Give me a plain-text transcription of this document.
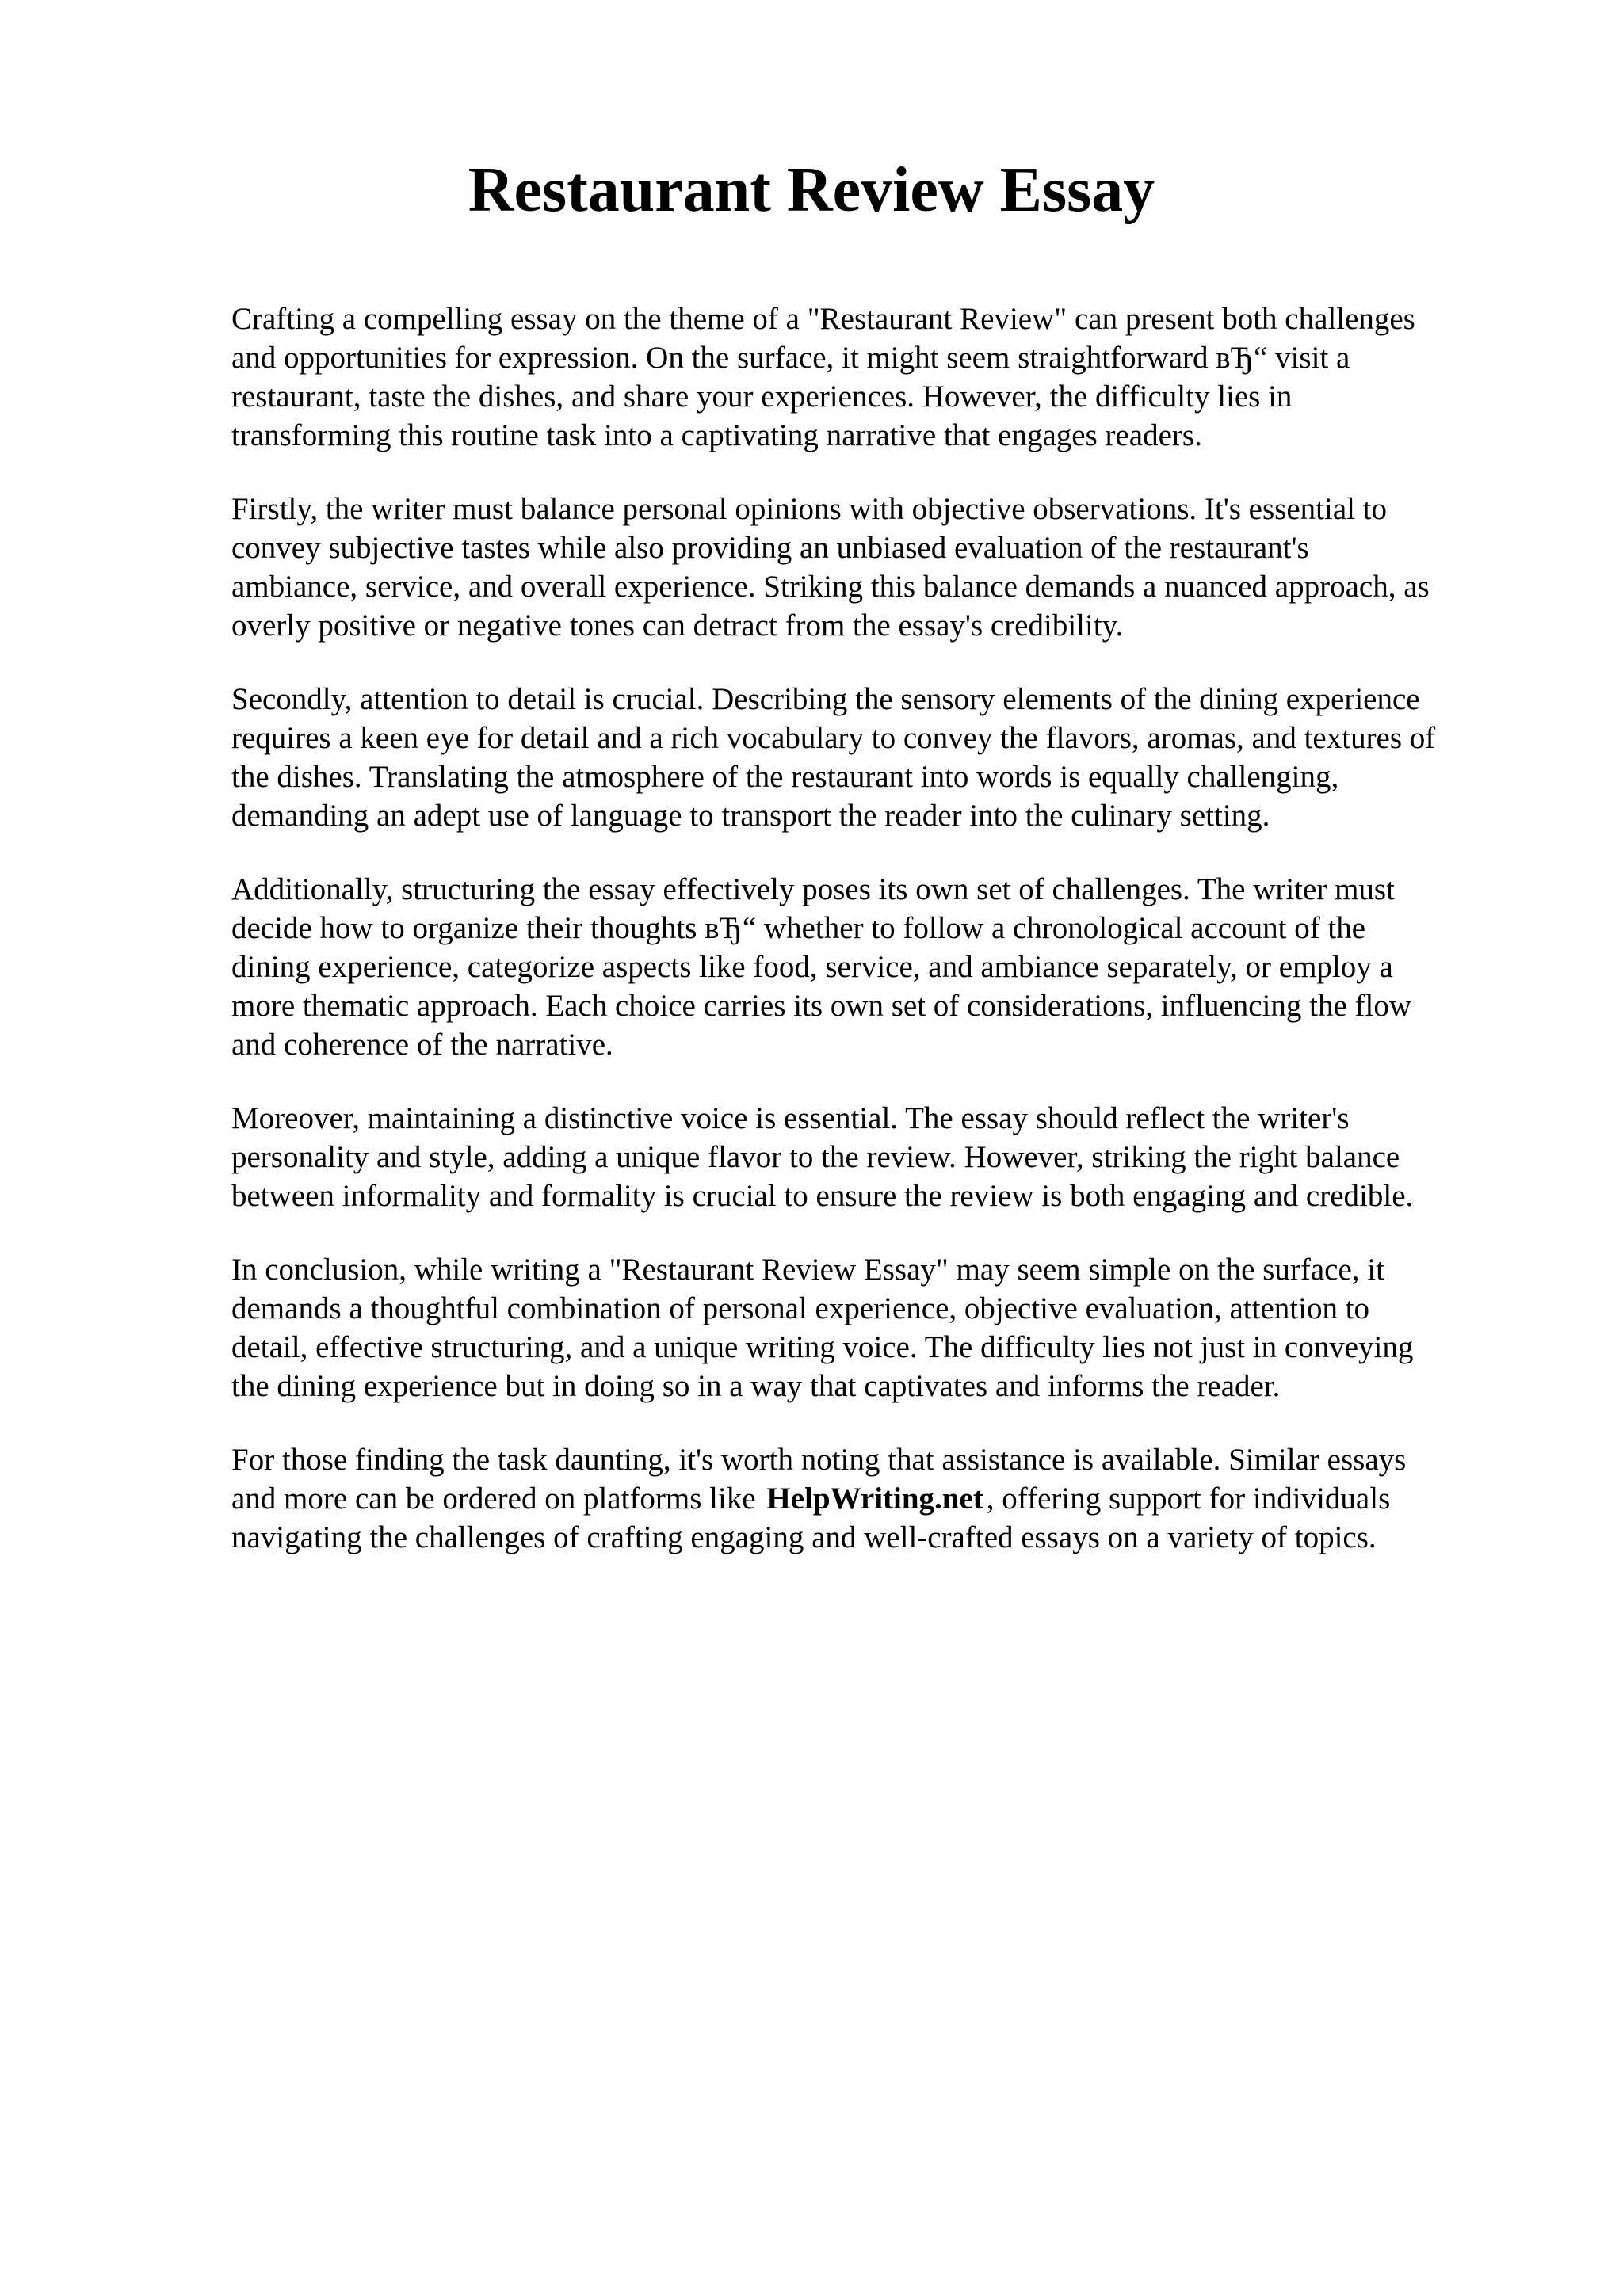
Restaurant Review Essay

Crafting a compelling essay on the theme of a "Restaurant Review" can present both challenges
and opportunities for expression. On the surface, it might seem straightforward вЂ“ visit a
restaurant, taste the dishes, and share your experiences. However, the difficulty lies in
transforming this routine task into a captivating narrative that engages readers.

Firstly, the writer must balance personal opinions with objective observations. It's essential to
convey subjective tastes while also providing an unbiased evaluation of the restaurant's
ambiance, service, and overall experience. Striking this balance demands a nuanced approach, as
overly positive or negative tones can detract from the essay's credibility.

Secondly, attention to detail is crucial. Describing the sensory elements of the dining experience
requires a keen eye for detail and a rich vocabulary to convey the flavors, aromas, and textures of
the dishes. Translating the atmosphere of the restaurant into words is equally challenging,
demanding an adept use of language to transport the reader into the culinary setting.

Additionally, structuring the essay effectively poses its own set of challenges. The writer must
decide how to organize their thoughts вЂ“ whether to follow a chronological account of the
dining experience, categorize aspects like food, service, and ambiance separately, or employ a
more thematic approach. Each choice carries its own set of considerations, influencing the flow
and coherence of the narrative.

Moreover, maintaining a distinctive voice is essential. The essay should reflect the writer's
personality and style, adding a unique flavor to the review. However, striking the right balance
between informality and formality is crucial to ensure the review is both engaging and credible.

In conclusion, while writing a "Restaurant Review Essay" may seem simple on the surface, it
demands a thoughtful combination of personal experience, objective evaluation, attention to
detail, effective structuring, and a unique writing voice. The difficulty lies not just in conveying
the dining experience but in doing so in a way that captivates and informs the reader.

For those finding the task daunting, it's worth noting that assistance is available. Similar essays
and more can be ordered on platforms like HelpWriting.net , offering support for individuals
navigating the challenges of crafting engaging and well-crafted essays on a variety of topics.
